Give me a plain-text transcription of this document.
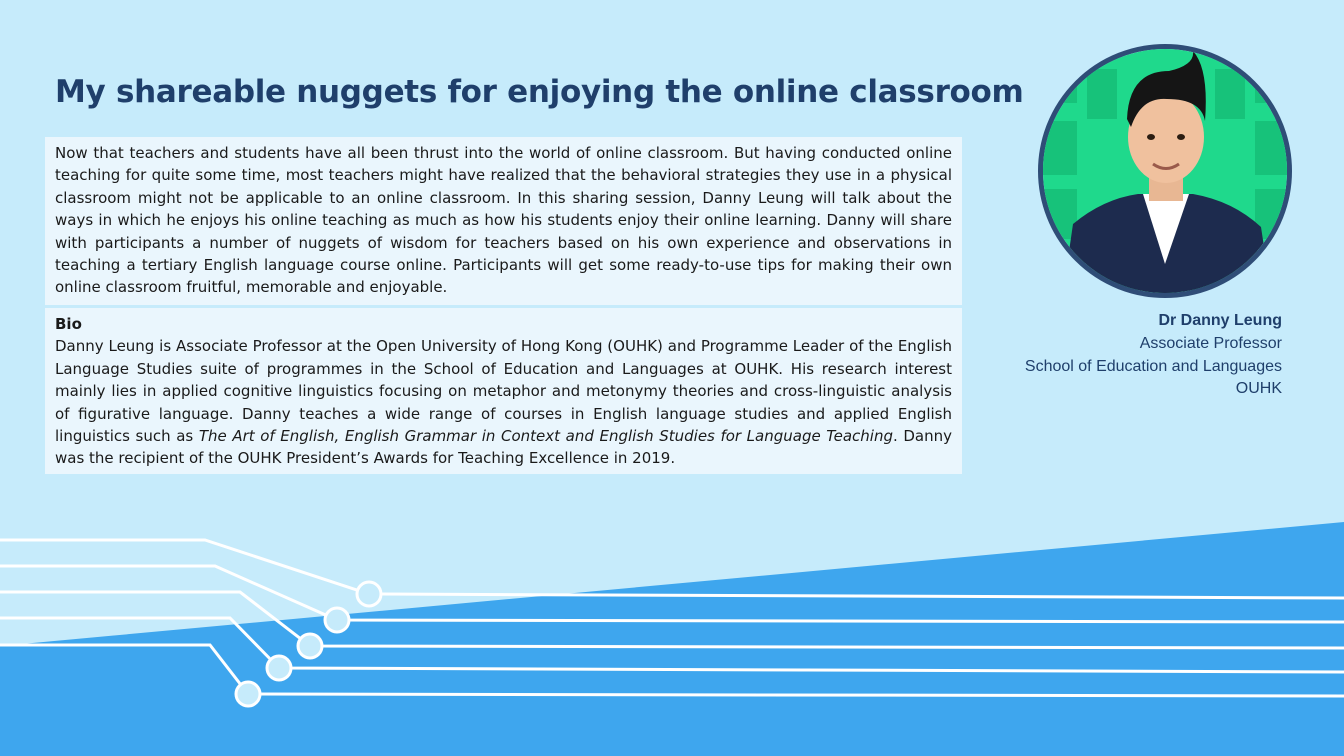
My shareable nuggets for enjoying the online classroom
Now that teachers and students have all been thrust into the world of online classroom. But having conducted online teaching for quite some time, most teachers might have realized that the behavioral strategies they use in a physical classroom might not be applicable to an online classroom. In this sharing session, Danny Leung will talk about the ways in which he enjoys his online teaching as much as how his students enjoy their online learning. Danny will share with participants a number of nuggets of wisdom for teachers based on his own experience and observations in teaching a tertiary English language course online. Participants will get some ready-to-use tips for making their own online classroom fruitful, memorable and enjoyable.
Bio
Danny Leung is Associate Professor at the Open University of Hong Kong (OUHK) and Programme Leader of the English Language Studies suite of programmes in the School of Education and Languages at OUHK. His research interest mainly lies in applied cognitive linguistics focusing on metaphor and metonymy theories and cross-linguistic analysis of figurative language. Danny teaches a wide range of courses in English language studies and applied English linguistics such as The Art of English, English Grammar in Context and English Studies for Language Teaching. Danny was the recipient of the OUHK President’s Awards for Teaching Excellence in 2019.
Dr Danny Leung
Associate Professor
School of Education and Languages
OUHK
